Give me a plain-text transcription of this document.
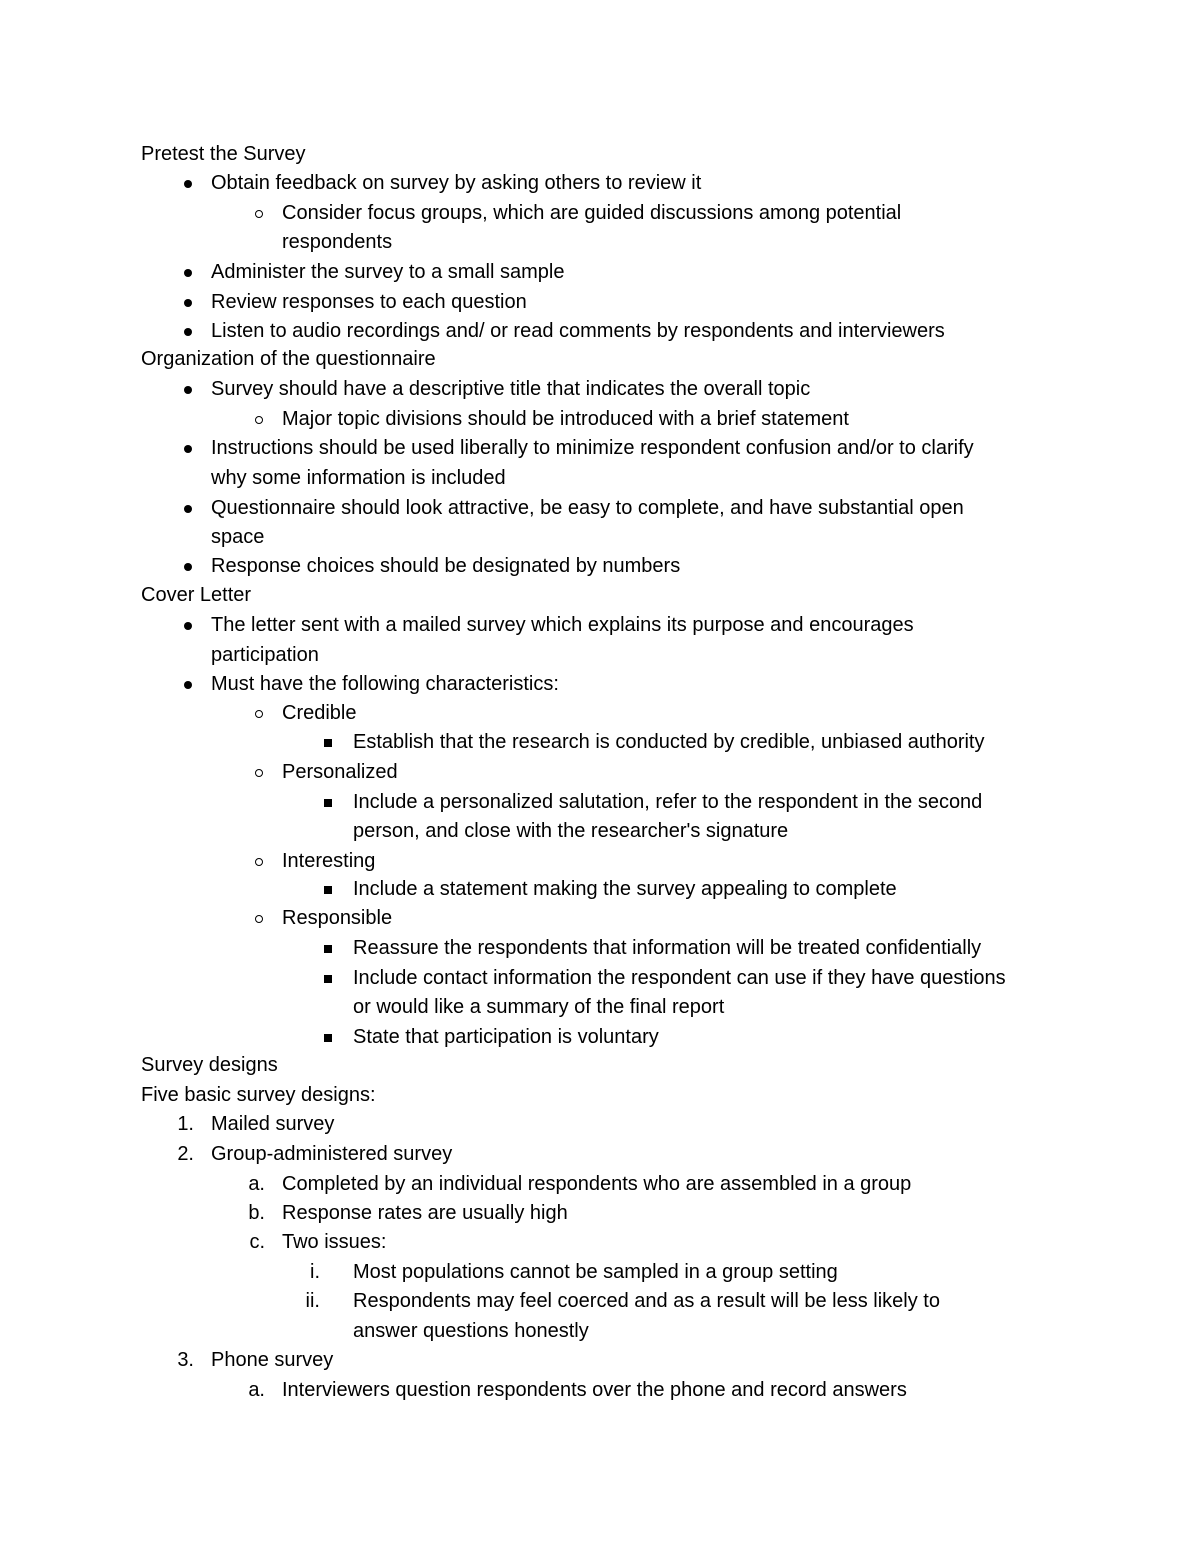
Pretest the Survey
Obtain feedback on survey by asking others to review it
Consider focus groups, which are guided discussions among potential
respondents
Administer the survey to a small sample
Review responses to each question
Listen to audio recordings and/ or read comments by respondents and interviewers
Organization of the questionnaire
Survey should have a descriptive title that indicates the overall topic
Major topic divisions should be introduced with a brief statement
Instructions should be used liberally to minimize respondent confusion and/or to clarify
why some information is included
Questionnaire should look attractive, be easy to complete, and have substantial open
space
Response choices should be designated by numbers
Cover Letter
The letter sent with a mailed survey which explains its purpose and encourages
participation
Must have the following characteristics:
Credible
Establish that the research is conducted by credible, unbiased authority
Personalized
Include a personalized salutation, refer to the respondent in the second
person, and close with the researcher's signature
Interesting
Include a statement making the survey appealing to complete
Responsible
Reassure the respondents that information will be treated confidentially
Include contact information the respondent can use if they have questions
or would like a summary of the final report
State that participation is voluntary
Survey designs
Five basic survey designs:
1. Mailed survey
2. Group-administered survey
a. Completed by an individual respondents who are assembled in a group
b. Response rates are usually high
c. Two issues:
i. Most populations cannot be sampled in a group setting
ii. Respondents may feel coerced and as a result will be less likely to
answer questions honestly
3. Phone survey
a. Interviewers question respondents over the phone and record answers
